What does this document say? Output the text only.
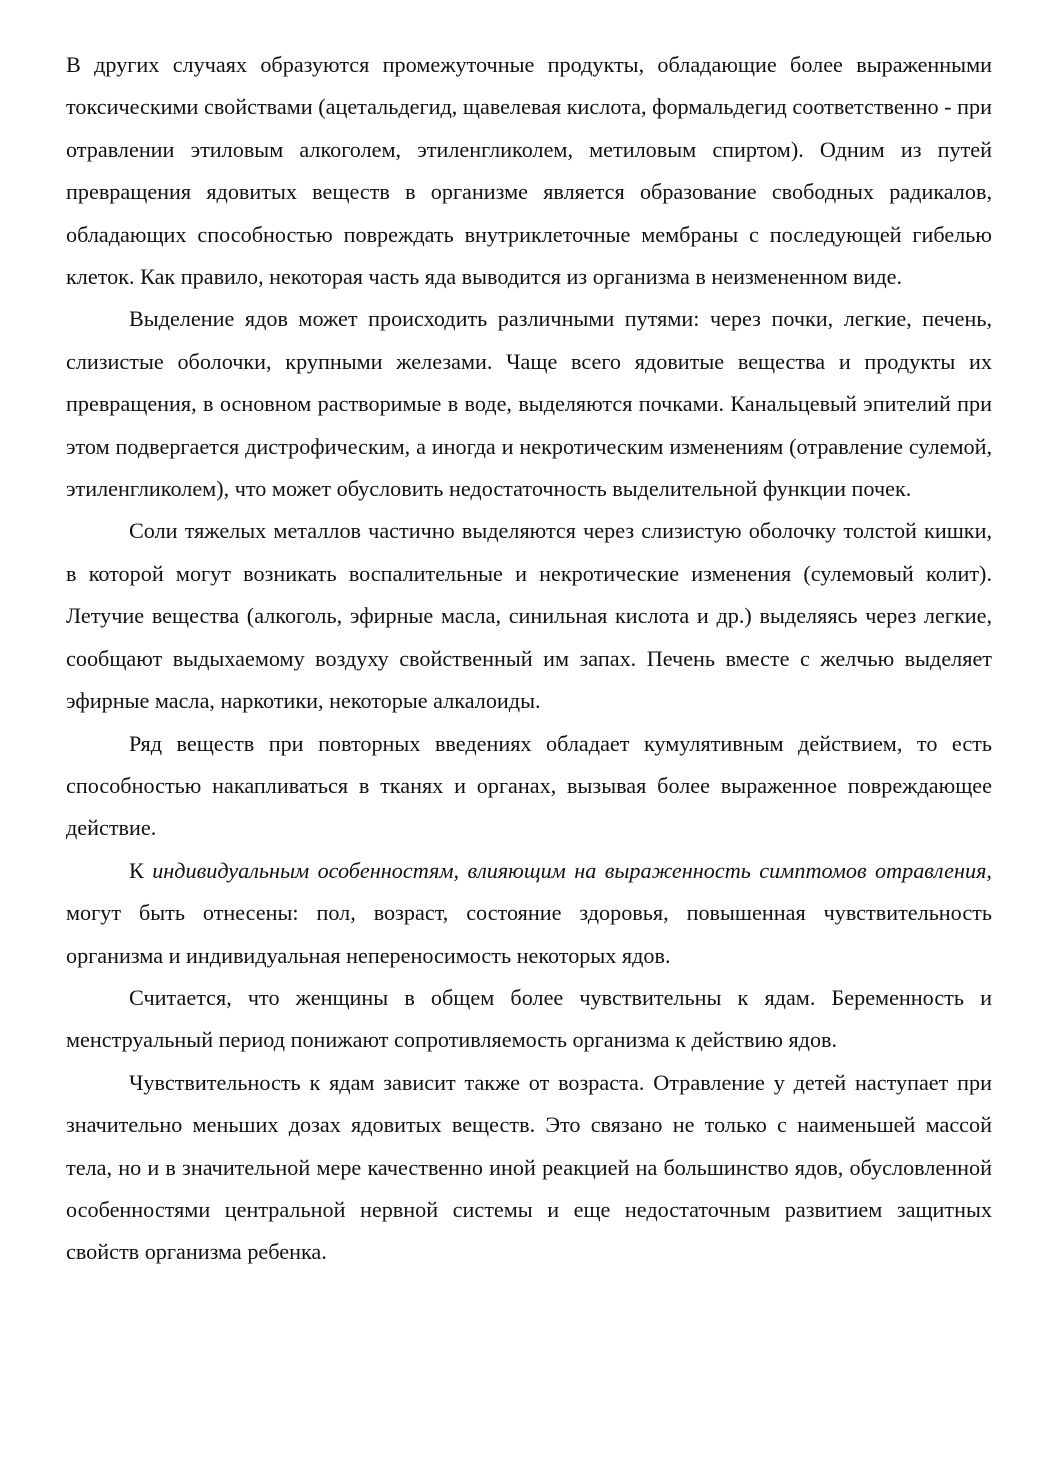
В других случаях образуются промежуточные продукты, обладающие более выраженными токсическими свойствами (ацетальдегид, щавелевая кислота, формальдегид соответственно - при отравлении этиловым алкоголем, этиленгликолем, метиловым спиртом). Одним из путей превращения ядовитых веществ в организме является образование свободных радикалов, обладающих способностью повреждать внутриклеточные мембраны с последующей гибелью клеток. Как правило, некоторая часть яда выводится из организма в неизмененном виде.

Выделение ядов может происходить различными путями: через почки, легкие, печень, слизистые оболочки, крупными железами. Чаще всего ядовитые вещества и продукты их превращения, в основном растворимые в воде, выделяются почками. Канальцевый эпителий при этом подвергается дистрофическим, а иногда и некротическим изменениям (отравление сулемой, этиленгликолем), что может обусловить недостаточность выделительной функции почек.

Соли тяжелых металлов частично выделяются через слизистую оболочку толстой кишки, в которой могут возникать воспалительные и некротические изменения (сулемовый колит). Летучие вещества (алкоголь, эфирные масла, синильная кислота и др.) выделяясь через легкие, сообщают выдыхаемому воздуху свойственный им запах. Печень вместе с желчью выделяет эфирные масла, наркотики, некоторые алкалоиды.

Ряд веществ при повторных введениях обладает кумулятивным действием, то есть способностью накапливаться в тканях и органах, вызывая более выраженное повреждающее действие.

К индивидуальным особенностям, влияющим на выраженность симптомов отравления, могут быть отнесены: пол, возраст, состояние здоровья, повышенная чувствительность организма и индивидуальная непереносимость некоторых ядов.

Считается, что женщины в общем более чувствительны к ядам. Беременность и менструальный период понижают сопротивляемость организма к действию ядов.

Чувствительность к ядам зависит также от возраста. Отравление у детей наступает при значительно меньших дозах ядовитых веществ. Это связано не только с наименьшей массой тела, но и в значительной мере качественно иной реакцией на большинство ядов, обусловленной особенностями центральной нервной системы и еще недостаточным развитием защитных свойств организма ребенка.
